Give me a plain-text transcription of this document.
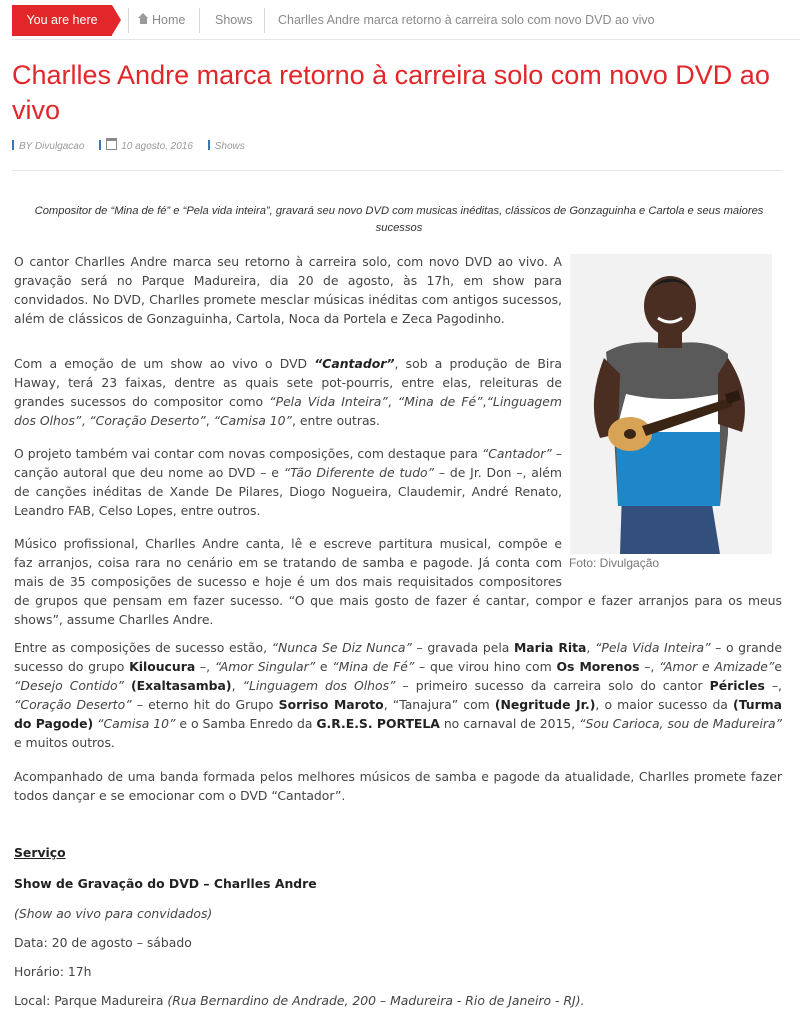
You are here	Home Shows Charlles Andre marca retorno à carreira solo com novo DVD ao vivo
Charlles Andre marca retorno à carreira solo com novo DVD ao vivo
BY Divulgacao	10 agosto, 2016 Shows
Compositor de “Mina de fé” e “Pela vida inteira”, gravará seu novo DVD com musicas inéditas, clássicos de Gonzaguinha e Cartola e seus maiores sucessos

O cantor Charlles Andre marca seu retorno à carreira solo, com novo DVD ao vivo. A gravação será no Parque Madureira, dia 20 de agosto, às 17h, em show para convidados. No DVD, Charlles promete mesclar músicas inéditas com antigos sucessos, além de clássicos de Gonzaguinha, Cartola, Noca da Portela e Zeca Pagodinho.

Com a emoção de um show ao vivo o DVD “Cantador”, sob a produção de Bira Haway, terá 23 faixas, dentre as quais sete pot-pourris, entre elas, releituras de grandes sucessos do compositor como “Pela Vida Inteira”, “Mina de Fé”,“Linguagem dos Olhos”, “Coração Deserto”, “Camisa 10”, entre outras.

O projeto também vai contar com novas composições, com destaque para “Cantador” – canção autoral que deu nome ao DVD – e “Tão Diferente de tudo” – de Jr. Don –, além de canções inéditas de Xande De Pilares, Diogo Nogueira, Claudemir, André Renato, Leandro FAB, Celso Lopes, entre outros.

Músico profissional, Charlles Andre canta, lê e escreve partitura musical, compõe e

faz arranjos, coisa rara no cenário em se tratando de samba e pagode. Já conta com

mais de 35 composições de sucesso e hoje é um dos mais requisitados compositores

de grupos que pensam em fazer sucesso. “O que mais gosto de fazer é cantar, compor e fazer arranjos para os meus shows”, assume Charlles Andre.

Entre as composições de sucesso estão, “Nunca Se Diz Nunca” – gravada pela Maria Rita, “Pela Vida Inteira” – o grande sucesso do grupo Kiloucura –, “Amor Singular” e “Mina de Fé” – que virou hino com Os Morenos –, “Amor e Amizade”e “Desejo Contido” (Exaltasamba), “Linguagem dos Olhos” – primeiro sucesso da carreira solo do cantor Péricles –, “Coração Deserto” – eterno hit do Grupo Sorriso Maroto, “Tanajura” com (Negritude Jr.), o maior sucesso da (Turma do Pagode) “Camisa 10” e o Samba Enredo da G.R.E.S. PORTELA no carnaval de 2015, “Sou Carioca, sou de Madureira” e muitos outros.

Acompanhado de uma banda formada pelos melhores músicos de samba e pagode da atualidade, Charlles promete fazer todos dançar e se emocionar com o DVD “Cantador”.

Foto: Divulgação
Serviço
Show de Gravação do DVD – Charlles Andre
(Show ao vivo para convidados)
Data: 20 de agosto – sábado
Horário: 17h
Local: Parque Madureira (Rua Bernardino de Andrade, 200 – Madureira - Rio de Janeiro - RJ).
